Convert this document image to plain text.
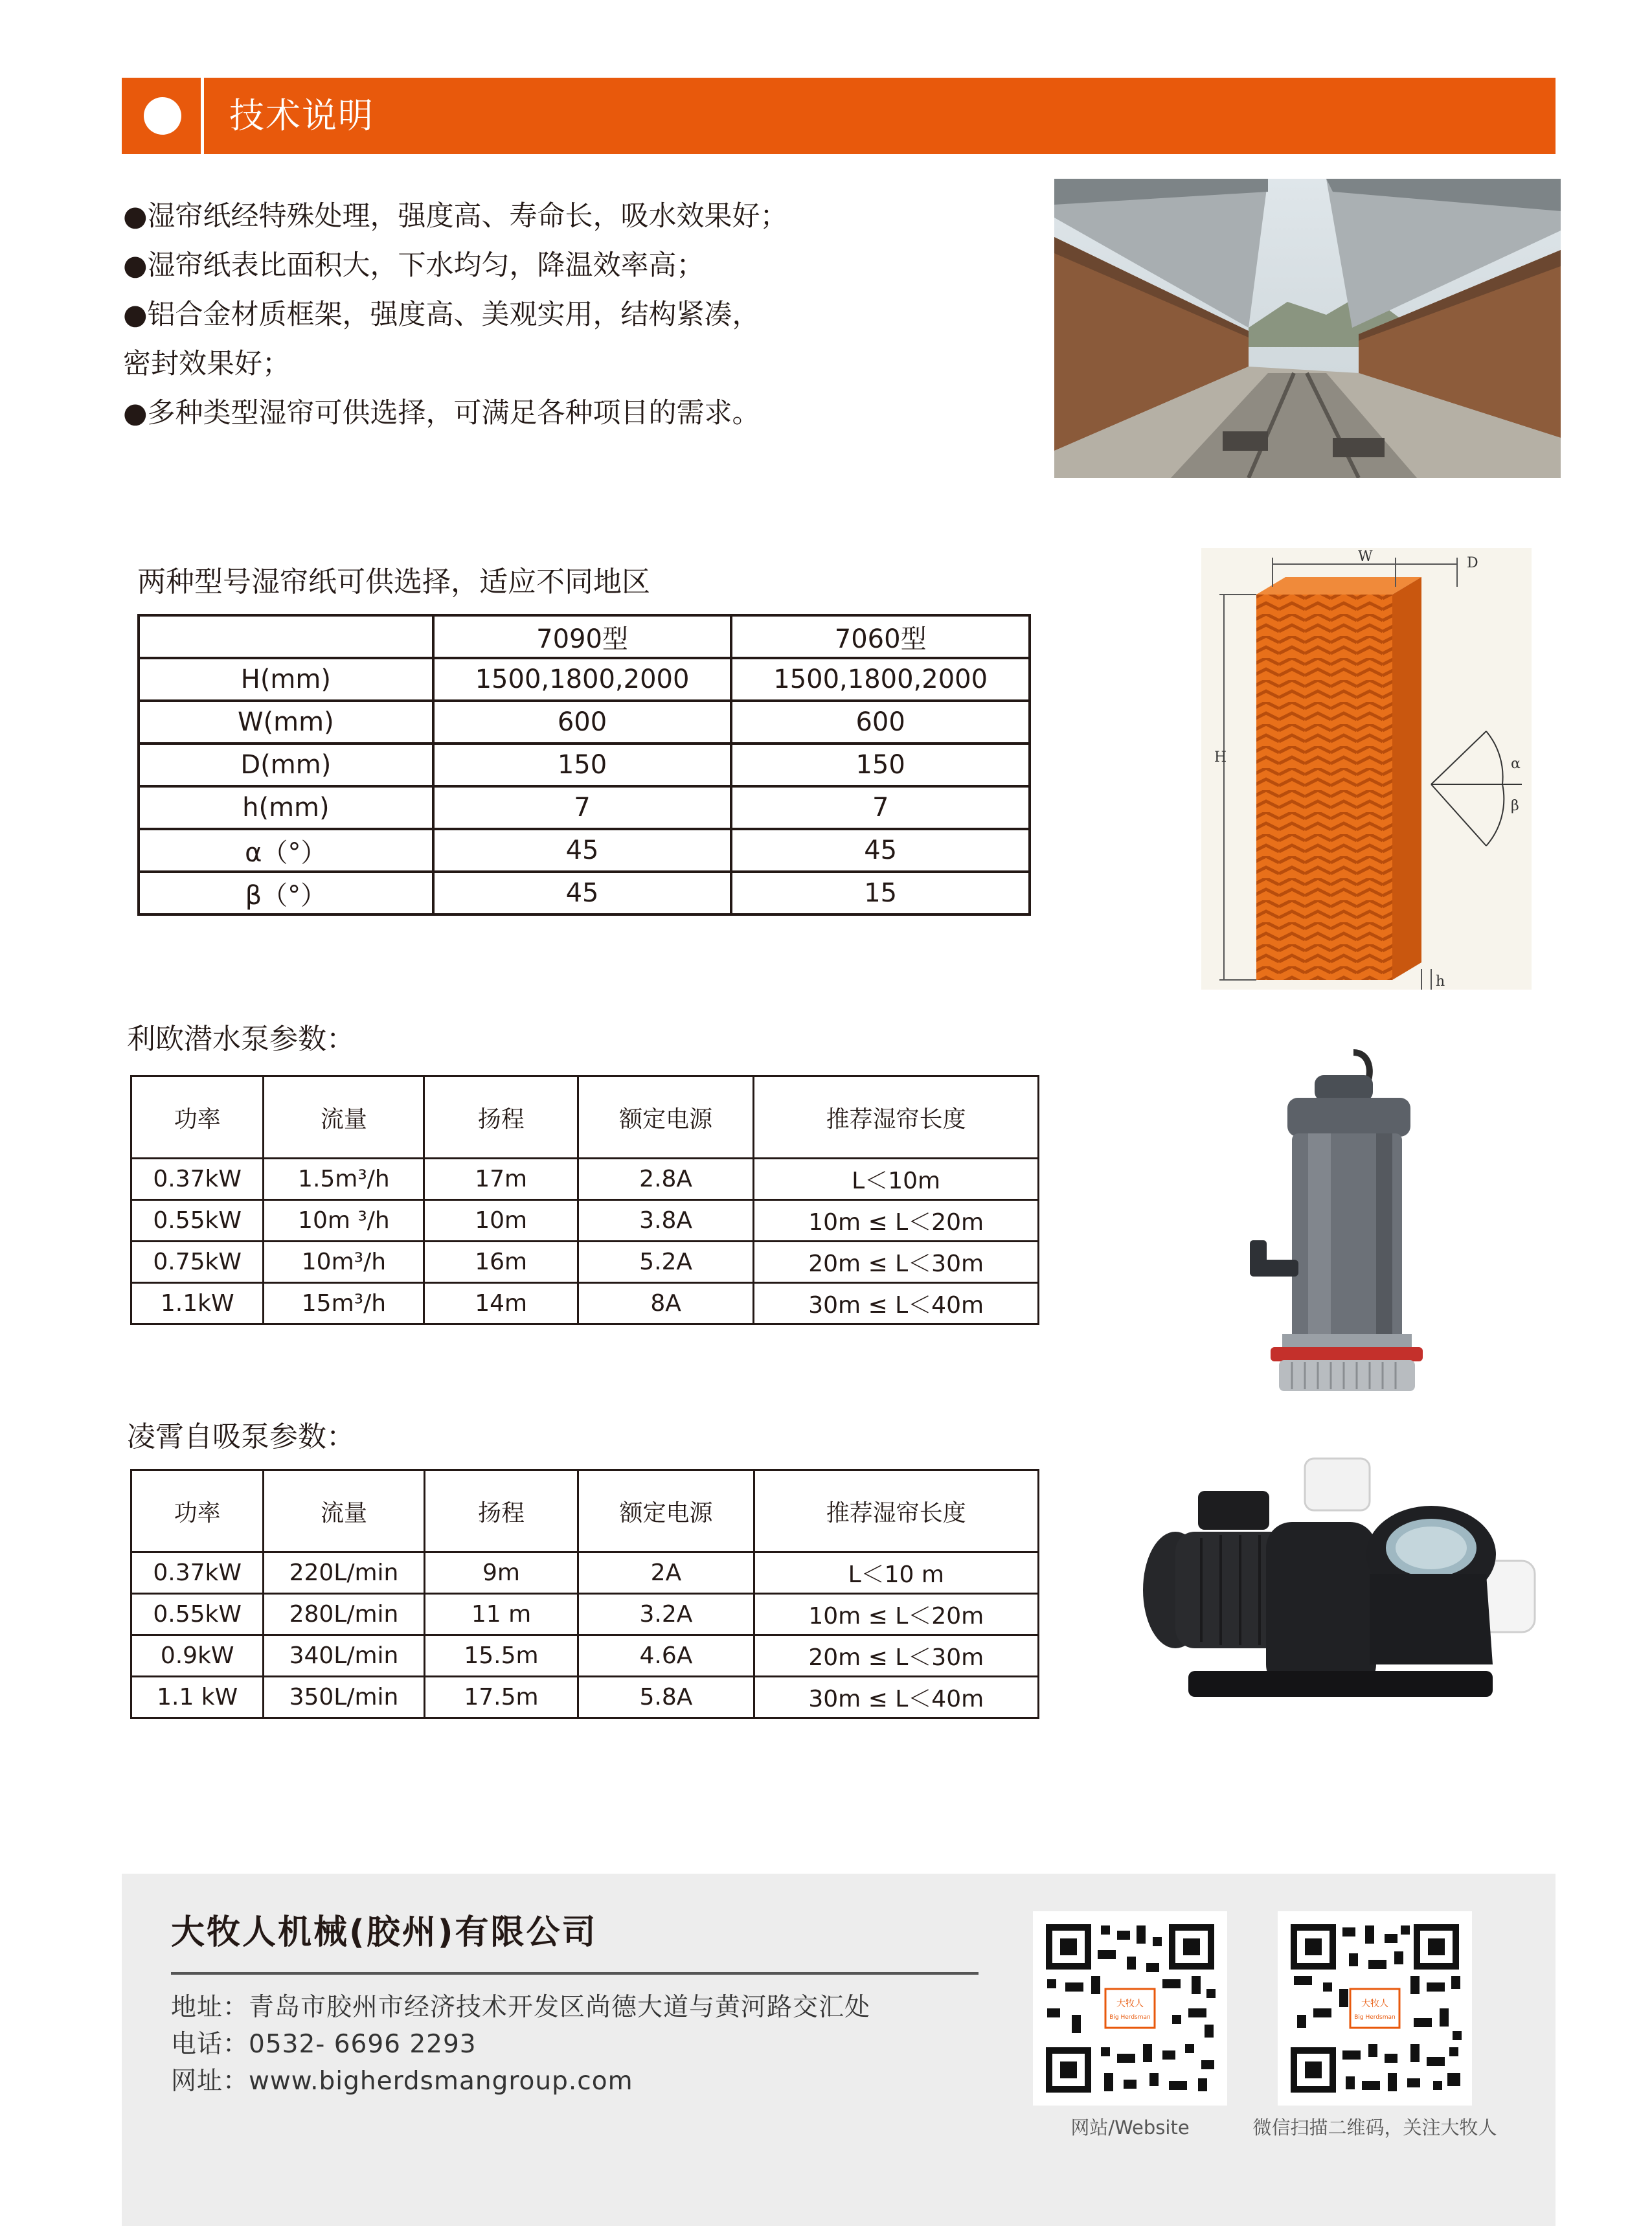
技术说明

●湿帘纸经特殊处理，强度高、寿命长，吸水效果好；

●湿帘纸表比面积大，下水均匀，降温效率高；

●铝合金材质框架，强度高、美观实用，结构紧凑，

密封效果好；

●多种类型湿帘可供选择，可满足各种项目的需求。

两种型号湿帘纸可供选择，适应不同地区
	7090型	7060型
H(mm)	1500,1800,2000	1500,1800,2000
W(mm)	600	600
D(mm)	150	150
h(mm)	7	7
α（°）	45	45
β（°）	45	15
H
W	D
α
β
h
利欧潜水泵参数：
功率	流量	扬程	额定电源	推荐湿帘长度
0.37kW	1.5m³/h	17m	2.8A	L＜10m
0.55kW	10m ³/h	10m	3.8A	10m ≤ L＜20m
0.75kW	10m³/h	16m	5.2A	20m ≤ L＜30m
1.1kW	15m³/h	14m	8A	30m ≤ L＜40m
凌霄自吸泵参数：
功率	流量	扬程	额定电源	推荐湿帘长度
0.37kW	220L/min	9m	2A	L＜10 m
0.55kW	280L/min	11 m	3.2A	10m ≤ L＜20m
0.9kW	340L/min	15.5m	4.6A	20m ≤ L＜30m
1.1 kW	350L/min	17.5m	5.8A	30m ≤ L＜40m
大牧人机械(胶州)有限公司
地址：青岛市胶州市经济技术开发区尚德大道与黄河路交汇处
电话：0532- 6696 2293
网址：www.bigherdsmangroup.com
大牧人
Big Herdsman
网站/Website
大牧人
Big Herdsman
微信扫描二维码，关注大牧人
